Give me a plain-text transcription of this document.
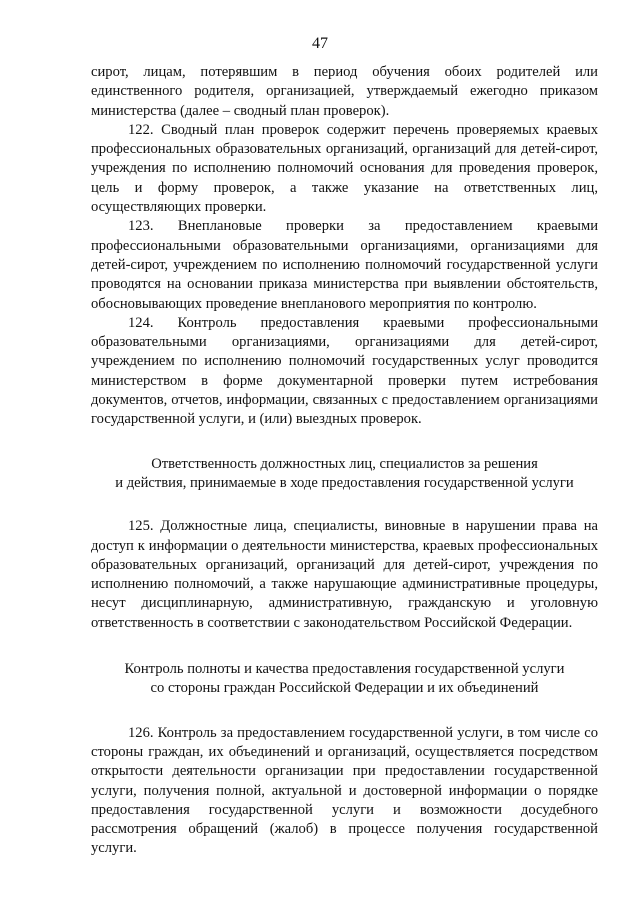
47

сирот, лицам, потерявшим в период обучения обоих родителей или единственного родителя, организацией, утверждаемый ежегодно приказом министерства (далее – сводный план проверок).

122. Сводный план проверок содержит перечень проверяемых краевых профессиональных образовательных организаций, организаций для детей-сирот, учреждения по исполнению полномочий основания для проведения проверок, цель и форму проверок, а также указание на ответственных лиц, осуществляющих проверки.

123. Внеплановые проверки за предоставлением краевыми профессиональными образовательными организациями, организациями для детей-сирот, учреждением по исполнению полномочий государственной услуги проводятся на основании приказа министерства при выявлении обстоятельств, обосновывающих проведение внепланового мероприятия по контролю.

124. Контроль предоставления краевыми профессиональными образовательными организациями, организациями для детей-сирот, учреждением по исполнению полномочий государственных услуг проводится министерством в форме документарной проверки путем истребования документов, отчетов, информации, связанных с предоставлением организациями государственной услуги, и (или) выездных проверок.

Ответственность должностных лиц, специалистов за решения
и действия, принимаемые в ходе предоставления государственной услуги

125. Должностные лица, специалисты, виновные в нарушении права на доступ к информации о деятельности министерства, краевых профессиональных образовательных организаций, организаций для детей-сирот, учреждения по исполнению полномочий, а также нарушающие административные процедуры, несут дисциплинарную, административную, гражданскую и уголовную ответственность в соответствии с законодательством Российской Федерации.

Контроль полноты и качества предоставления государственной услуги
со стороны граждан Российской Федерации и их объединений

126. Контроль за предоставлением государственной услуги, в том числе со стороны граждан, их объединений и организаций, осуществляется посредством открытости деятельности организации при предоставлении государственной услуги, получения полной, актуальной и достоверной информации о порядке предоставления государственной услуги и возможности досудебного рассмотрения обращений (жалоб) в процессе получения государственной услуги.
